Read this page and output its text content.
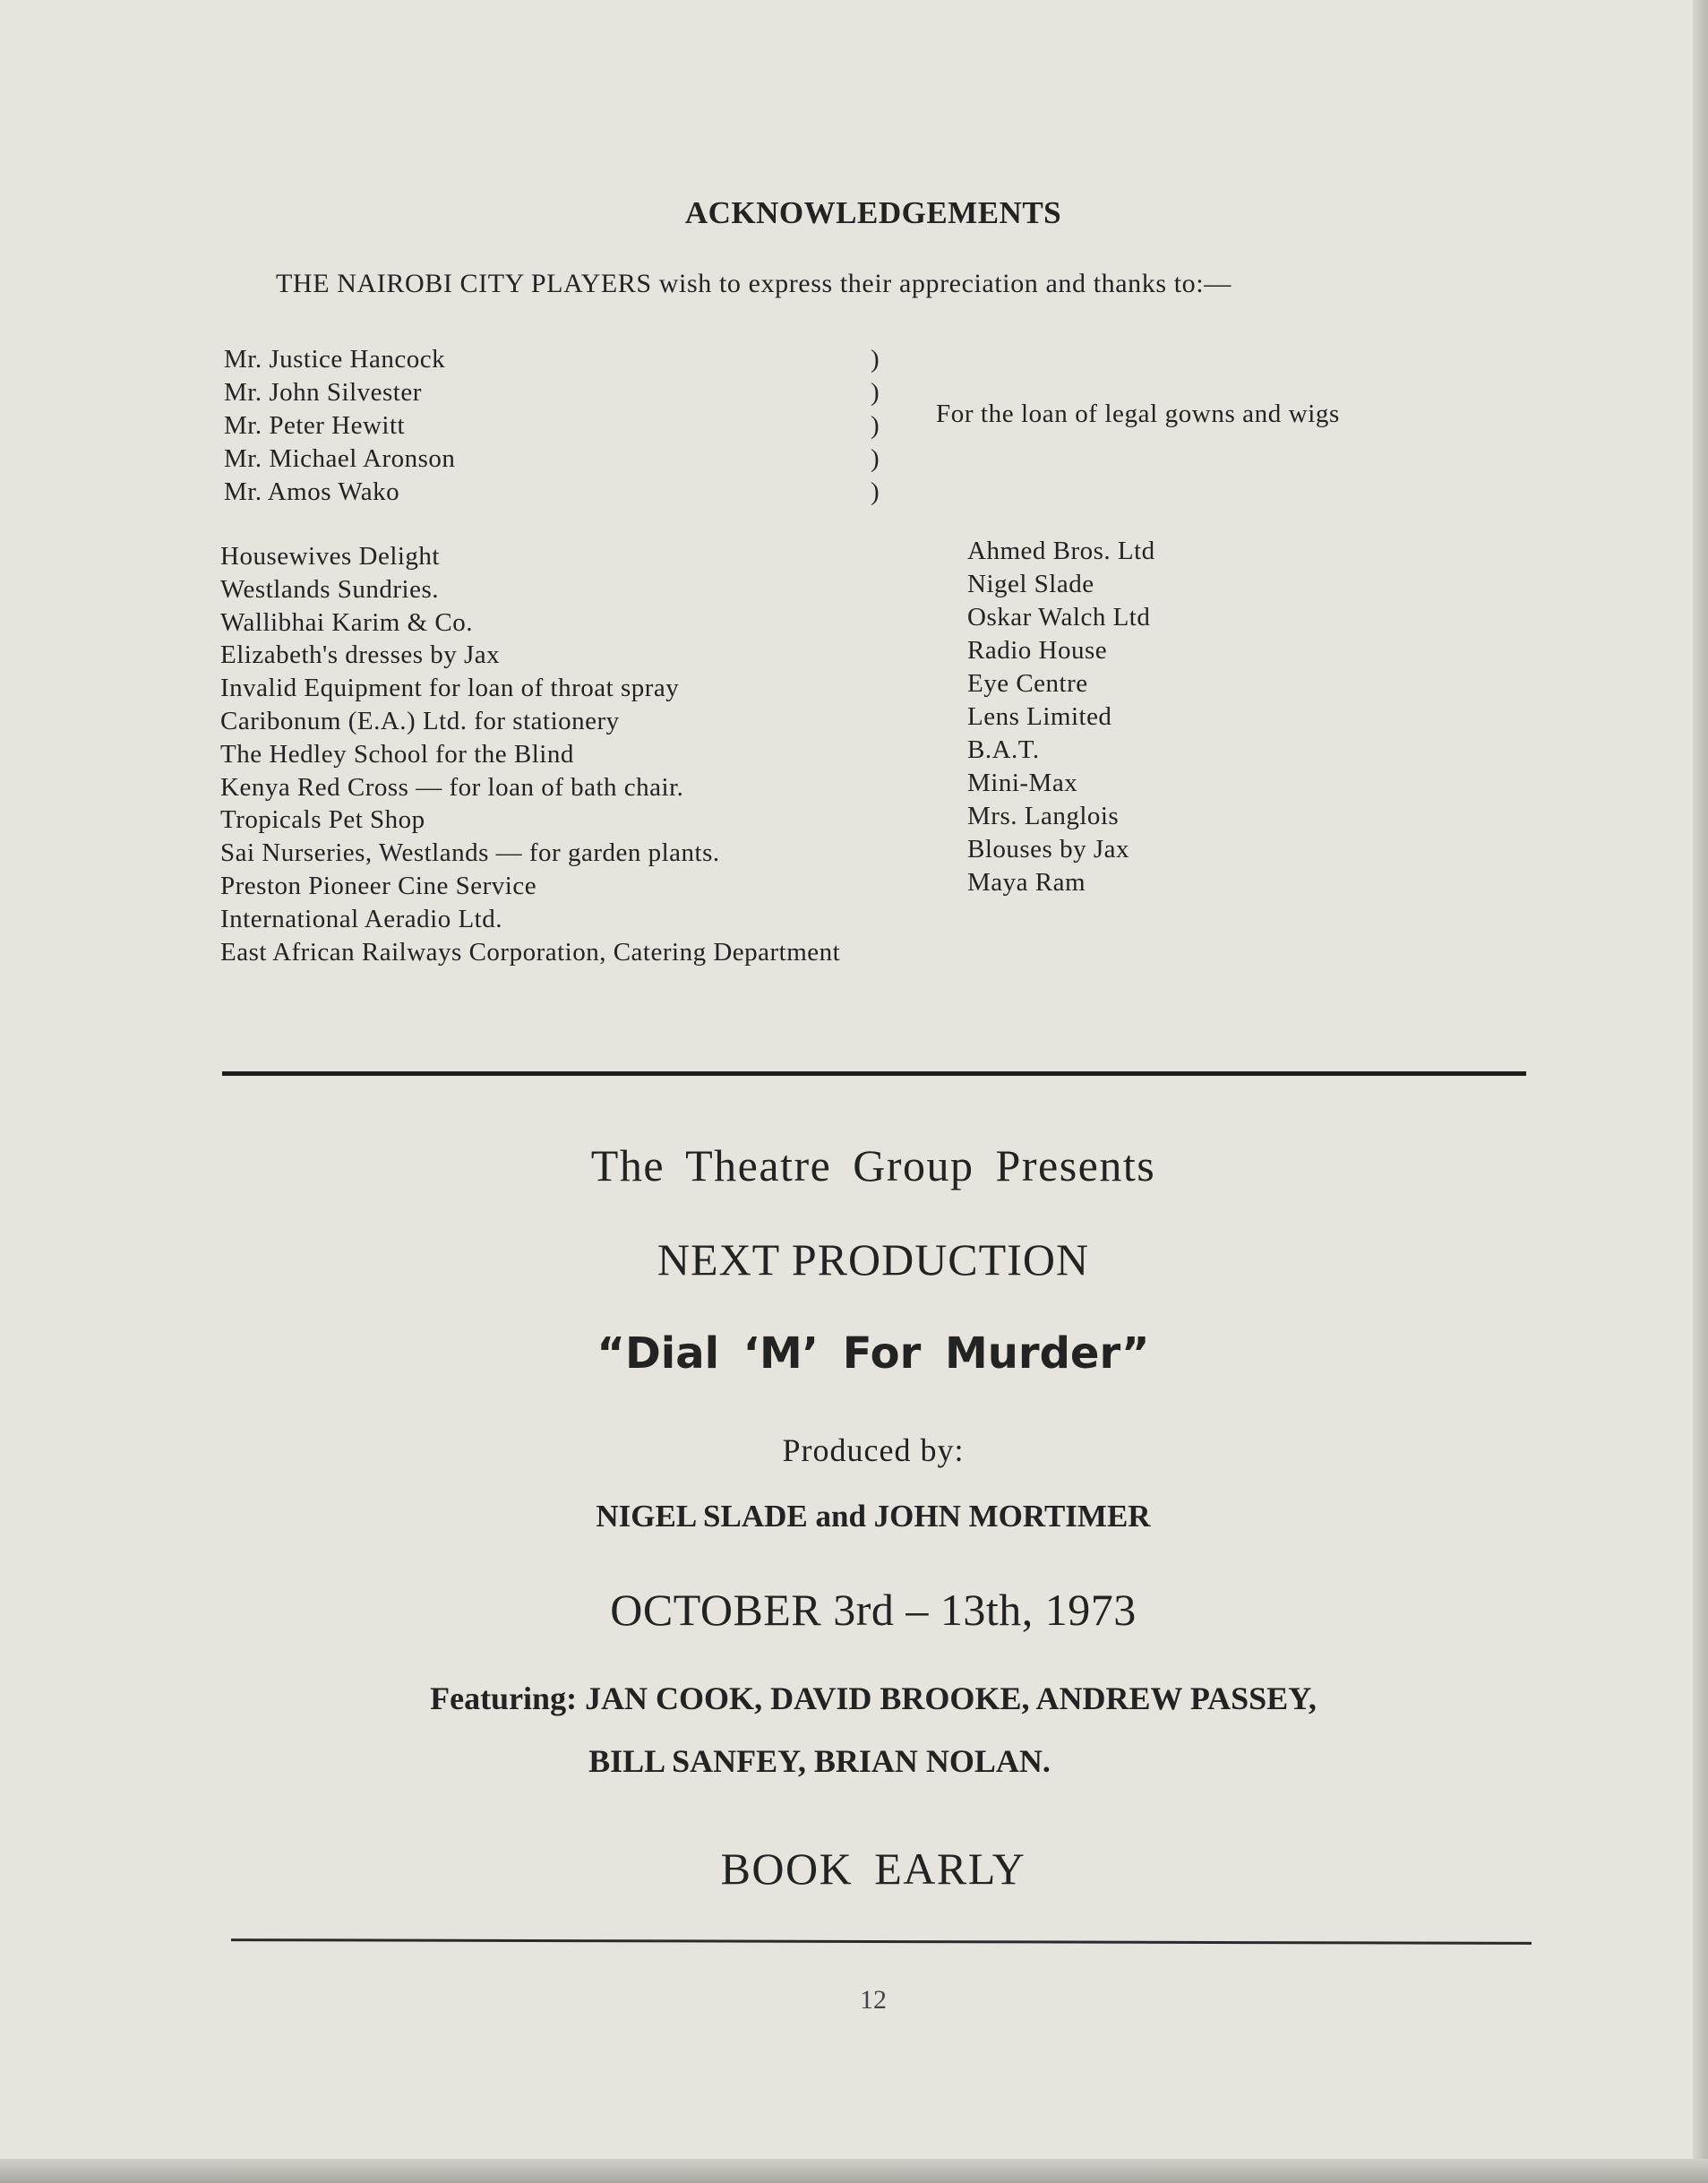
ACKNOWLEDGEMENTS
THE NAIROBI CITY PLAYERS wish to express their appreciation and thanks to:—
Mr. Justice Hancock
Mr. John Silvester
Mr. Peter Hewitt
Mr. Michael Aronson
Mr. Amos Wako
)
)
)
)
)
For the loan of legal gowns and wigs
Housewives Delight
Westlands Sundries.
Wallibhai Karim & Co.
Elizabeth's dresses by Jax
Invalid Equipment for loan of throat spray
Caribonum (E.A.) Ltd. for stationery
The Hedley School for the Blind
Kenya Red Cross — for loan of bath chair.
Tropicals Pet Shop
Sai Nurseries, Westlands — for garden plants.
Preston Pioneer Cine Service
International Aeradio Ltd.
East African Railways Corporation, Catering Department
Ahmed Bros. Ltd
Nigel Slade
Oskar Walch Ltd
Radio House
Eye Centre
Lens Limited
B.A.T.
Mini-Max
Mrs. Langlois
Blouses by Jax
Maya Ram
The Theatre Group Presents
NEXT PRODUCTION
“Dial ‘M’ For Murder”
Produced by:
NIGEL SLADE and JOHN MORTIMER
OCTOBER 3rd – 13th, 1973
Featuring: JAN COOK, DAVID BROOKE, ANDREW PASSEY,
BILL SANFEY, BRIAN NOLAN.
BOOK EARLY
12
